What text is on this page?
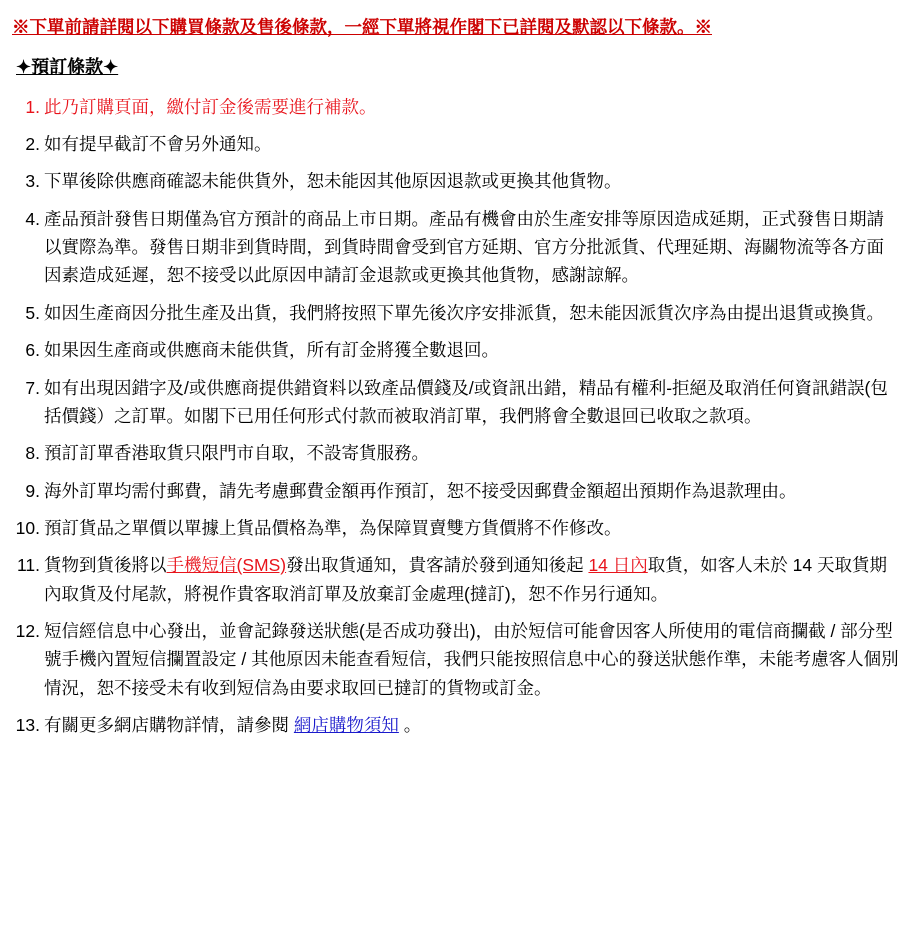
※下單前請詳閱以下購買條款及售後條款，一經下單將視作閣下已詳閱及默認以下條款。※
✦預訂條款✦
此乃訂購頁面，繳付訂金後需要進行補款。
如有提早截訂不會另外通知。
下單後除供應商確認未能供貨外，恕未能因其他原因退款或更換其他貨物。
產品預計發售日期僅為官方預計的商品上市日期。產品有機會由於生產安排等原因造成延期，正式發售日期請以實際為準。發售日期非到貨時間，到貨時間會受到官方延期、官方分批派貨、代理延期、海關物流等各方面因素造成延遲，恕不接受以此原因申請訂金退款或更換其他貨物，感謝諒解。
如因生產商因分批生產及出貨，我們將按照下單先後次序安排派貨，恕未能因派貨次序為由提出退貨或換貨。
如果因生產商或供應商未能供貨，所有訂金將獲全數退回。
如有出現因錯字及/或供應商提供錯資料以致產品價錢及/或資訊出錯，精品有權利-拒絕及取消任何資訊錯誤(包括價錢）之訂單。如閣下已用任何形式付款而被取消訂單，我們將會全數退回已收取之款項。
預訂訂單香港取貨只限門市自取，不設寄貨服務。
海外訂單均需付郵費，請先考慮郵費金額再作預訂，恕不接受因郵費金額超出預期作為退款理由。
預訂貨品之單價以單據上貨品價格為準，為保障買賣雙方貨價將不作修改。
貨物到貨後將以手機短信(SMS)發出取貨通知，貴客請於發到通知後起 14 日內取貨，如客人未於 14 天取貨期內取貨及付尾款，將視作貴客取消訂單及放棄訂金處理(撻訂)，恕不作另行通知。
短信經信息中心發出，並會記錄發送狀態(是否成功發出)，由於短信可能會因客人所使用的電信商攔截 / 部分型號手機內置短信攔置設定 / 其他原因未能查看短信，我們只能按照信息中心的發送狀態作準，未能考慮客人個別情況，恕不接受未有收到短信為由要求取回已撻訂的貨物或訂金。
有關更多網店購物詳情，請參閱 網店購物須知 。
